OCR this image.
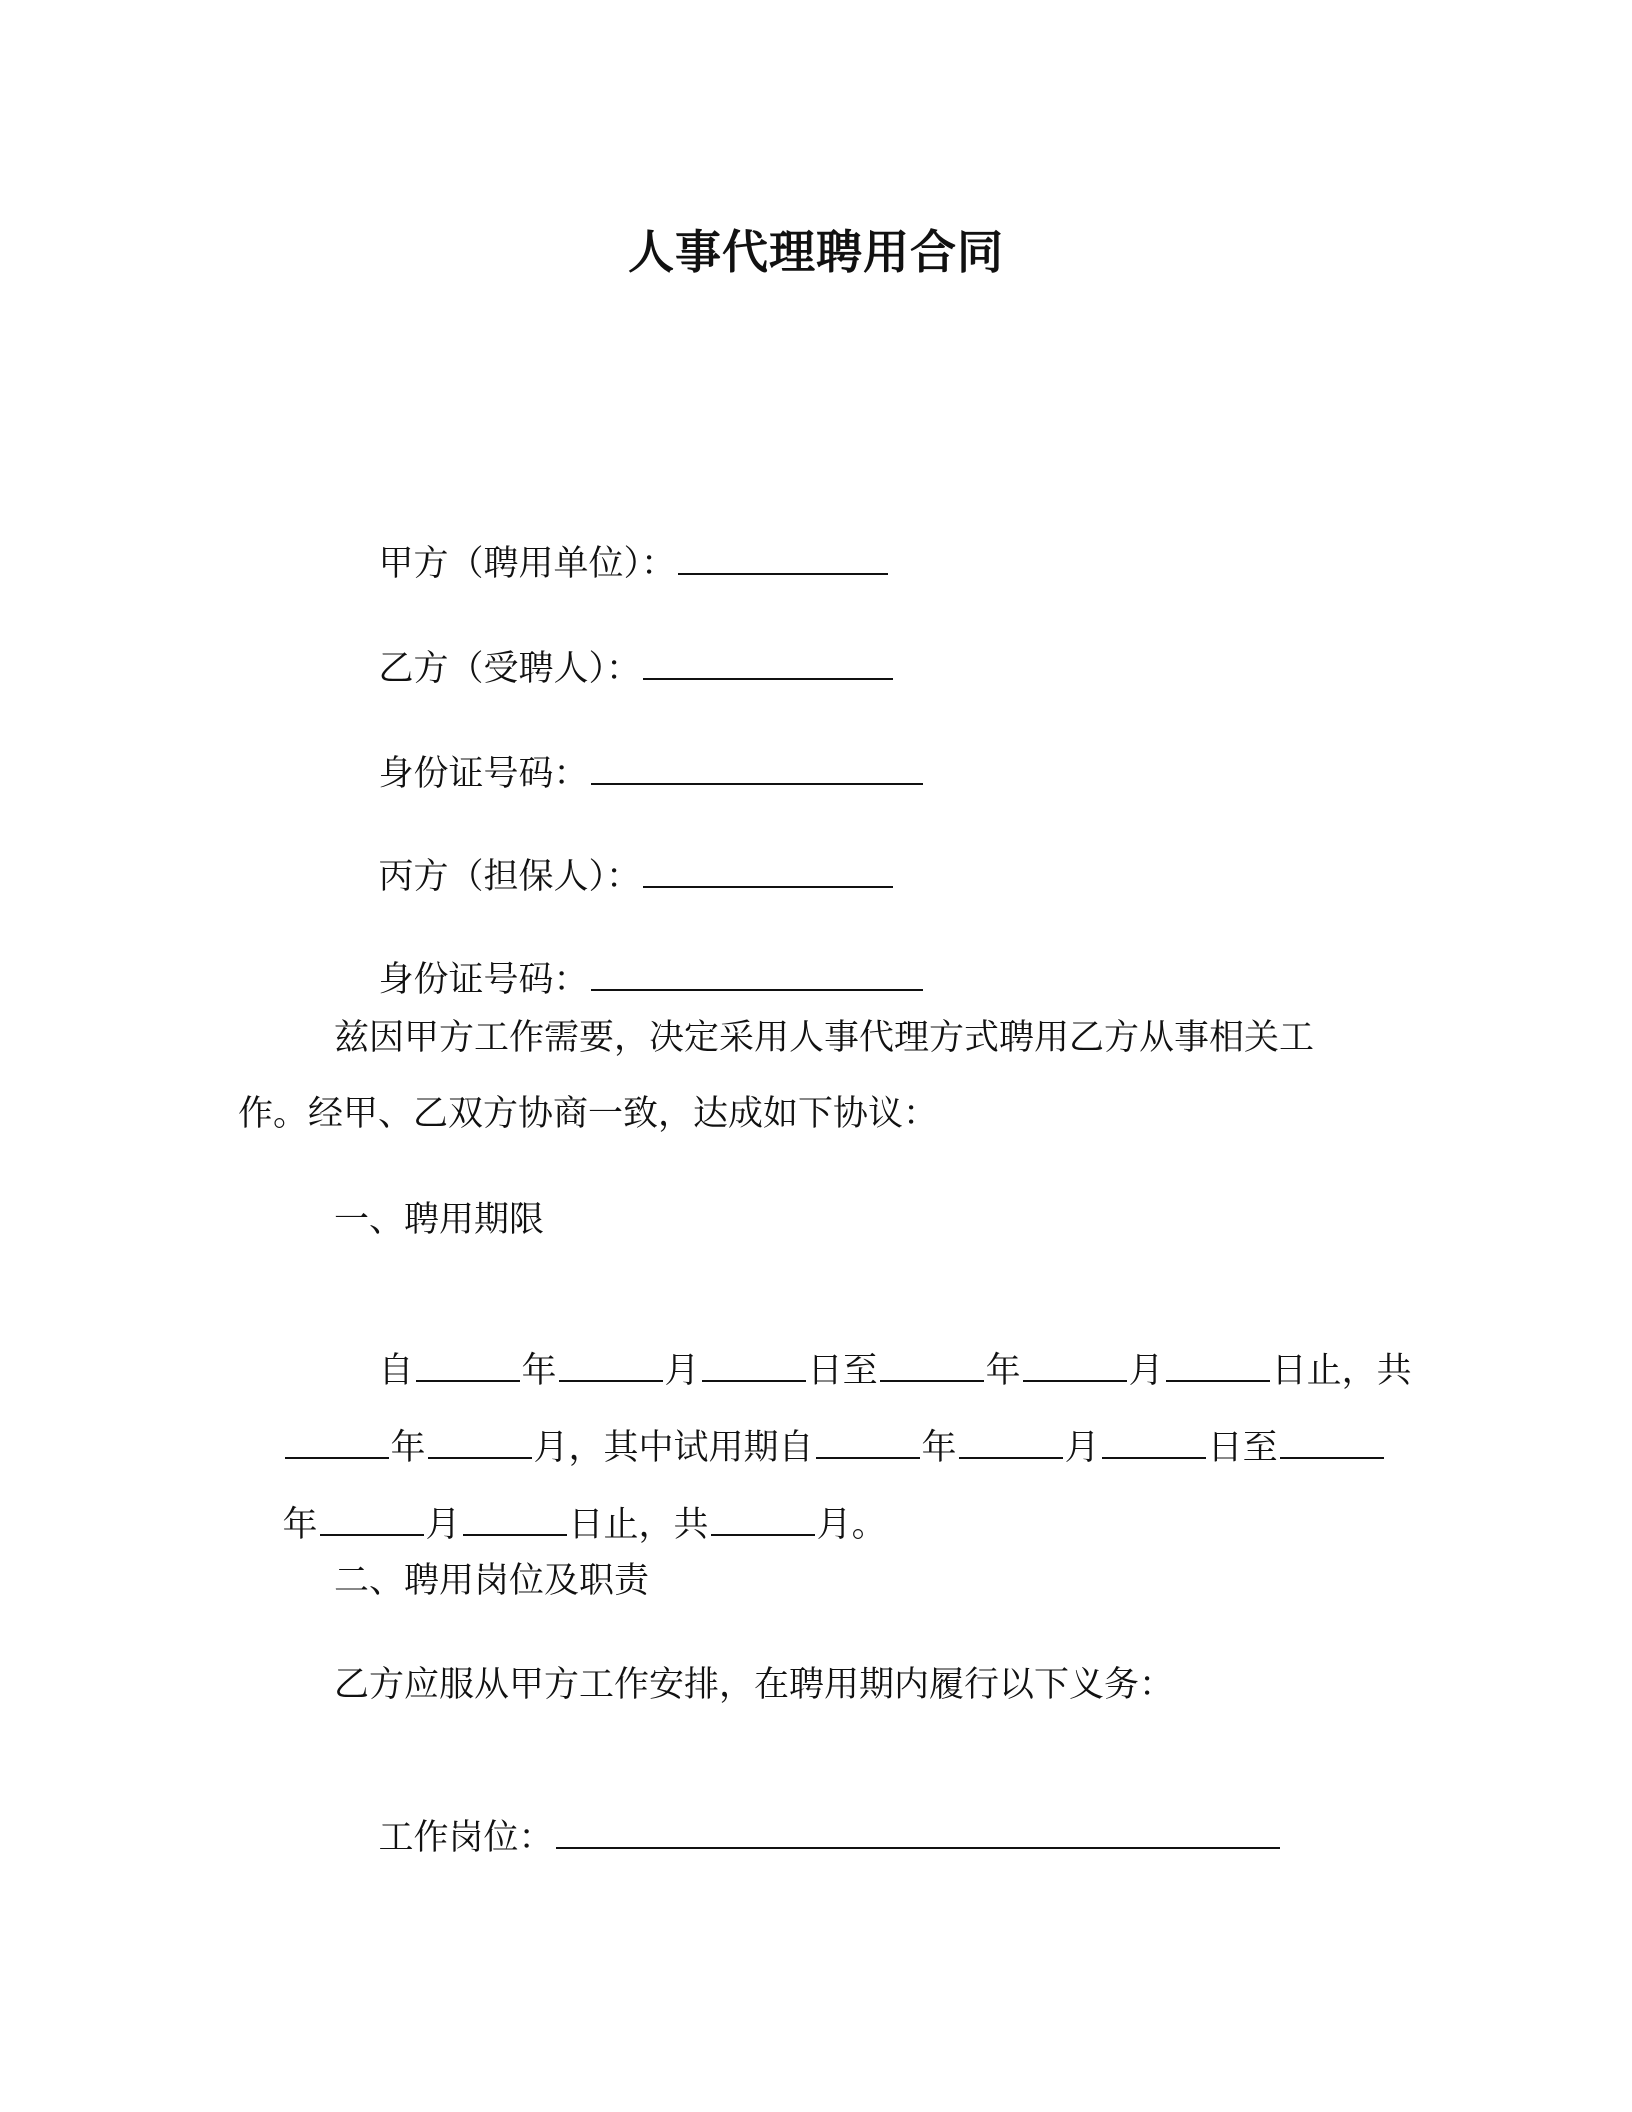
人事代理聘用合同

甲方（聘用单位）：

乙方（受聘人）：

身份证号码：

丙方（担保人）：

身份证号码：

兹因甲方工作需要，决定采用人事代理方式聘用乙方从事相关工
作。经甲、乙双方协商一致，达成如下协议：
一、聘用期限

自	年	月	日至	年	月	日止，共

年	月，其中试用期自	年	月	日至

年	月	日止，共	月。

二、聘用岗位及职责
乙方应服从甲方工作安排，在聘用期内履行以下义务：

工作岗位：
